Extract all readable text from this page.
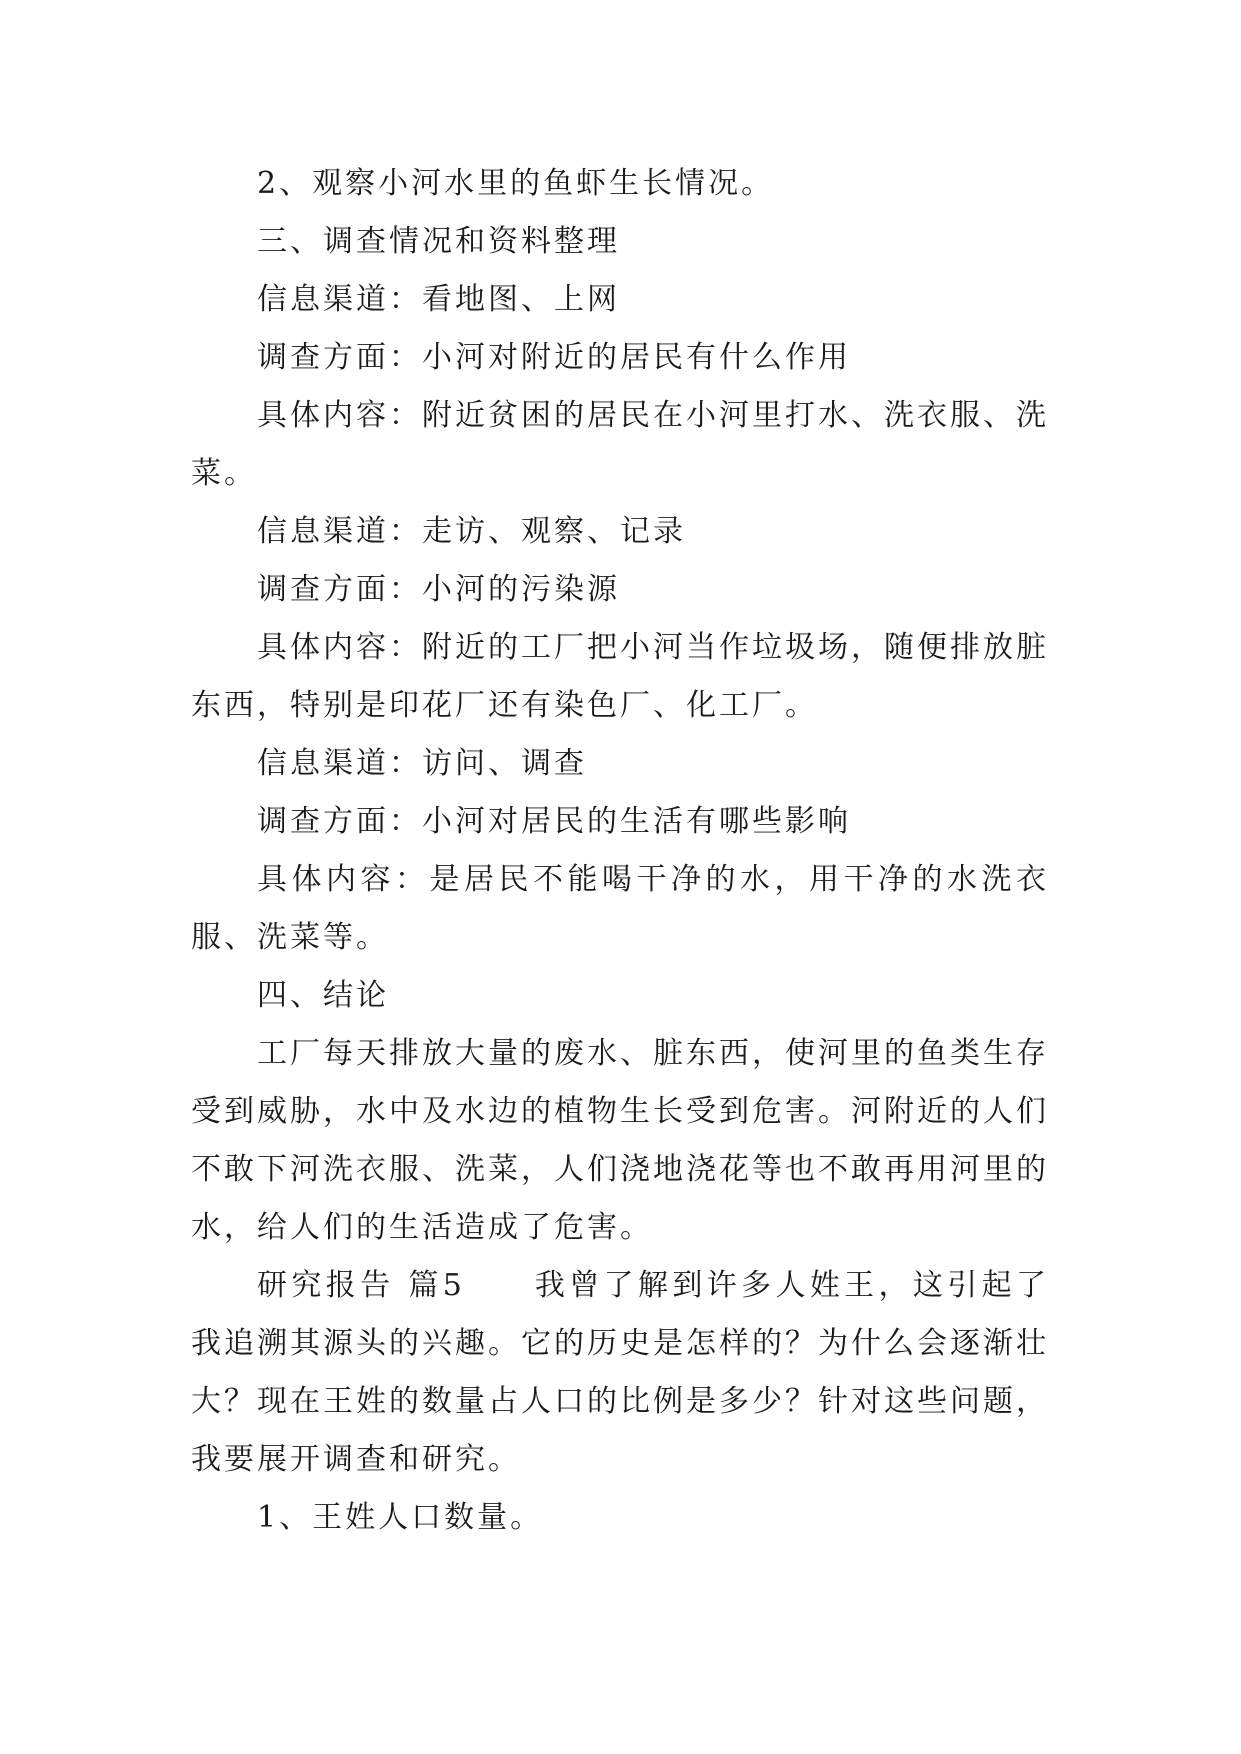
2、观察小河水里的鱼虾生长情况。

三、调查情况和资料整理

信息渠道：看地图、上网

调查方面：小河对附近的居民有什么作用

具体内容：附近贫困的居民在小河里打水、洗衣服、洗菜。

信息渠道：走访、观察、记录

调查方面：小河的污染源

具体内容：附近的工厂把小河当作垃圾场，随便排放脏东西，特别是印花厂还有染色厂、化工厂。

信息渠道：访问、调查

调查方面：小河对居民的生活有哪些影响

具体内容：是居民不能喝干净的水，用干净的水洗衣服、洗菜等。

四、结论

工厂每天排放大量的废水、脏东西，使河里的鱼类生存受到威胁，水中及水边的植物生长受到危害。河附近的人们不敢下河洗衣服、洗菜，人们浇地浇花等也不敢再用河里的水，给人们的生活造成了危害。

研究报告 篇5　　我曾了解到许多人姓王，这引起了我追溯其源头的兴趣。它的历史是怎样的？为什么会逐渐壮大？现在王姓的数量占人口的比例是多少？针对这些问题，我要展开调查和研究。

1、王姓人口数量。
